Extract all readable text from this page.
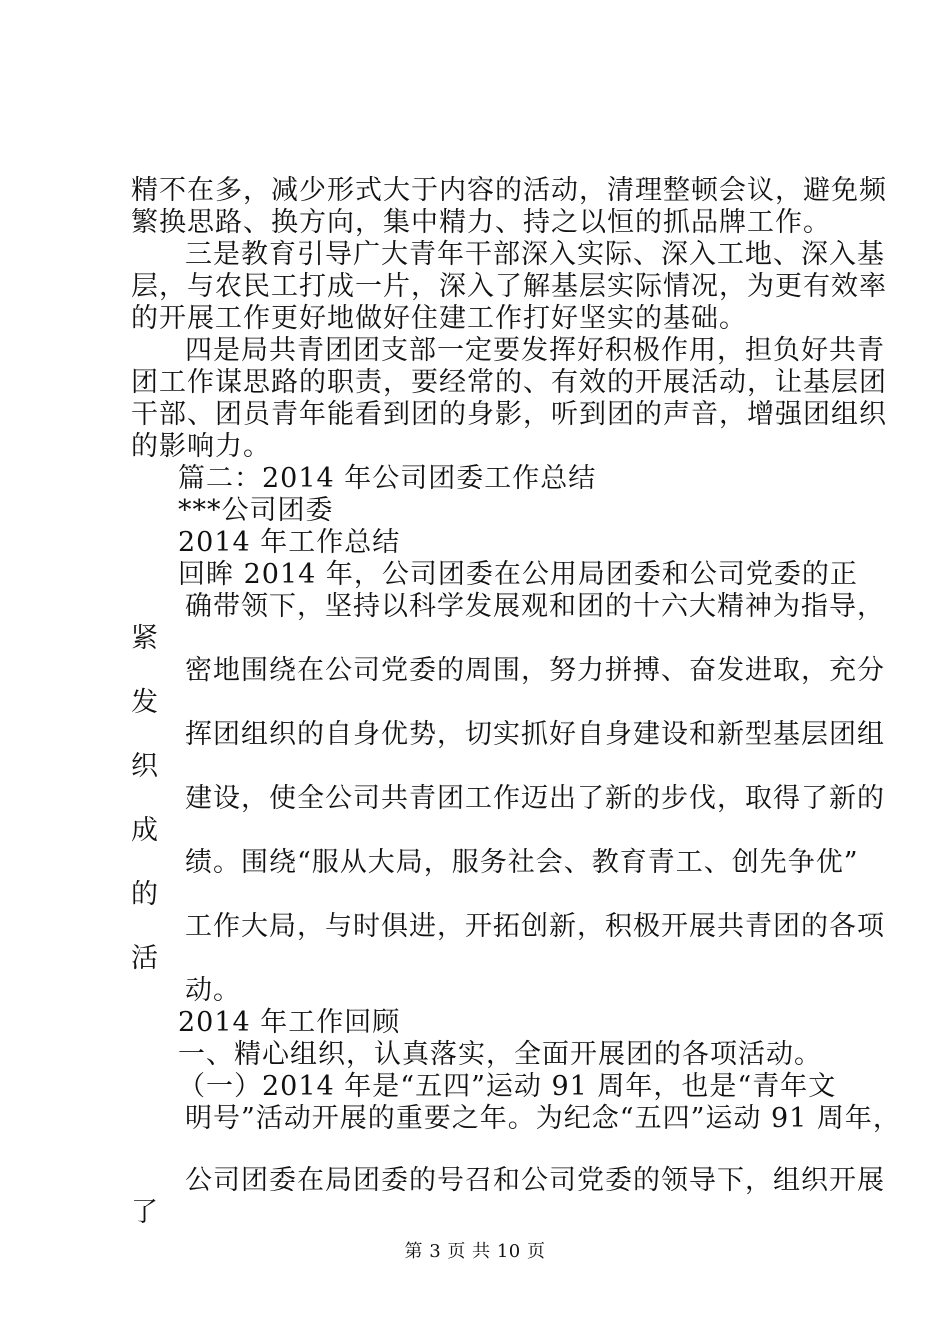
精不在多，减少形式大于内容的活动，清理整顿会议，避免频
繁换思路、换方向，集中精力、持之以恒的抓品牌工作。
三是教育引导广大青年干部深入实际、深入工地、深入基
层，与农民工打成一片，深入了解基层实际情况，为更有效率
的开展工作更好地做好住建工作打好坚实的基础。
四是局共青团团支部一定要发挥好积极作用，担负好共青
团工作谋思路的职责，要经常的、有效的开展活动，让基层团
干部、团员青年能看到团的身影，听到团的声音，增强团组织
的影响力。
篇二：2014 年公司团委工作总结
***公司团委
2014 年工作总结
回眸 2014 年，公司团委在公用局团委和公司党委的正
确带领下，坚持以科学发展观和团的十六大精神为指导，
紧
密地围绕在公司党委的周围，努力拼搏、奋发进取，充分
发
挥团组织的自身优势，切实抓好自身建设和新型基层团组
织
建设，使全公司共青团工作迈出了新的步伐，取得了新的
成
绩。围绕“服从大局，服务社会、教育青工、创先争优”
的
工作大局，与时俱进，开拓创新，积极开展共青团的各项
活
动。
2014 年工作回顾
一、精心组织，认真落实，全面开展团的各项活动。
（一）2014 年是“五四”运动 91 周年，也是“青年文
明号”活动开展的重要之年。为纪念“五四”运动 91 周年，
公司团委在局团委的号召和公司党委的领导下，组织开展
了
第 3 页 共 10 页
